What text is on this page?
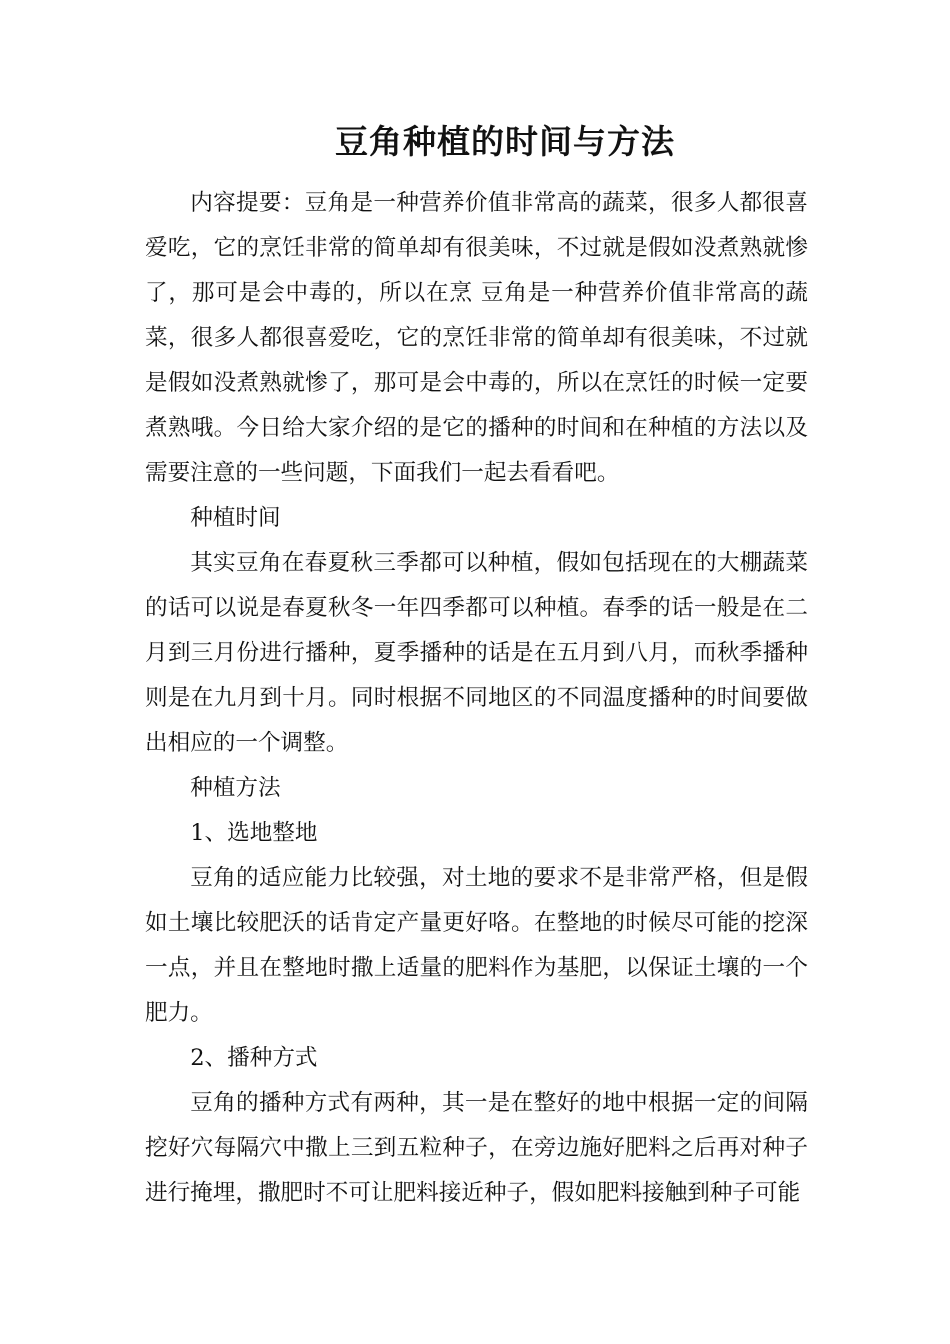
豆角种植的时间与方法

内容提要：豆角是一种营养价值非常高的蔬菜，很多人都很喜爱吃，它的烹饪非常的简单却有很美味，不过就是假如没煮熟就惨了，那可是会中毒的，所以在烹 豆角是一种营养价值非常高的蔬菜，很多人都很喜爱吃，它的烹饪非常的简单却有很美味，不过就是假如没煮熟就惨了，那可是会中毒的，所以在烹饪的时候一定要煮熟哦。今日给大家介绍的是它的播种的时间和在种植的方法以及需要注意的一些问题，下面我们一起去看看吧。

种植时间

其实豆角在春夏秋三季都可以种植，假如包括现在的大棚蔬菜的话可以说是春夏秋冬一年四季都可以种植。春季的话一般是在二月到三月份进行播种，夏季播种的话是在五月到八月，而秋季播种则是在九月到十月。同时根据不同地区的不同温度播种的时间要做出相应的一个调整。

种植方法

1、选地整地

豆角的适应能力比较强，对土地的要求不是非常严格，但是假如土壤比较肥沃的话肯定产量更好咯。在整地的时候尽可能的挖深一点，并且在整地时撒上适量的肥料作为基肥，以保证土壤的一个肥力。

2、播种方式

豆角的播种方式有两种，其一是在整好的地中根据一定的间隔挖好穴每隔穴中撒上三到五粒种子，在旁边施好肥料之后再对种子进行掩埋，撒肥时不可让肥料接近种子，假如肥料接触到种子可能
